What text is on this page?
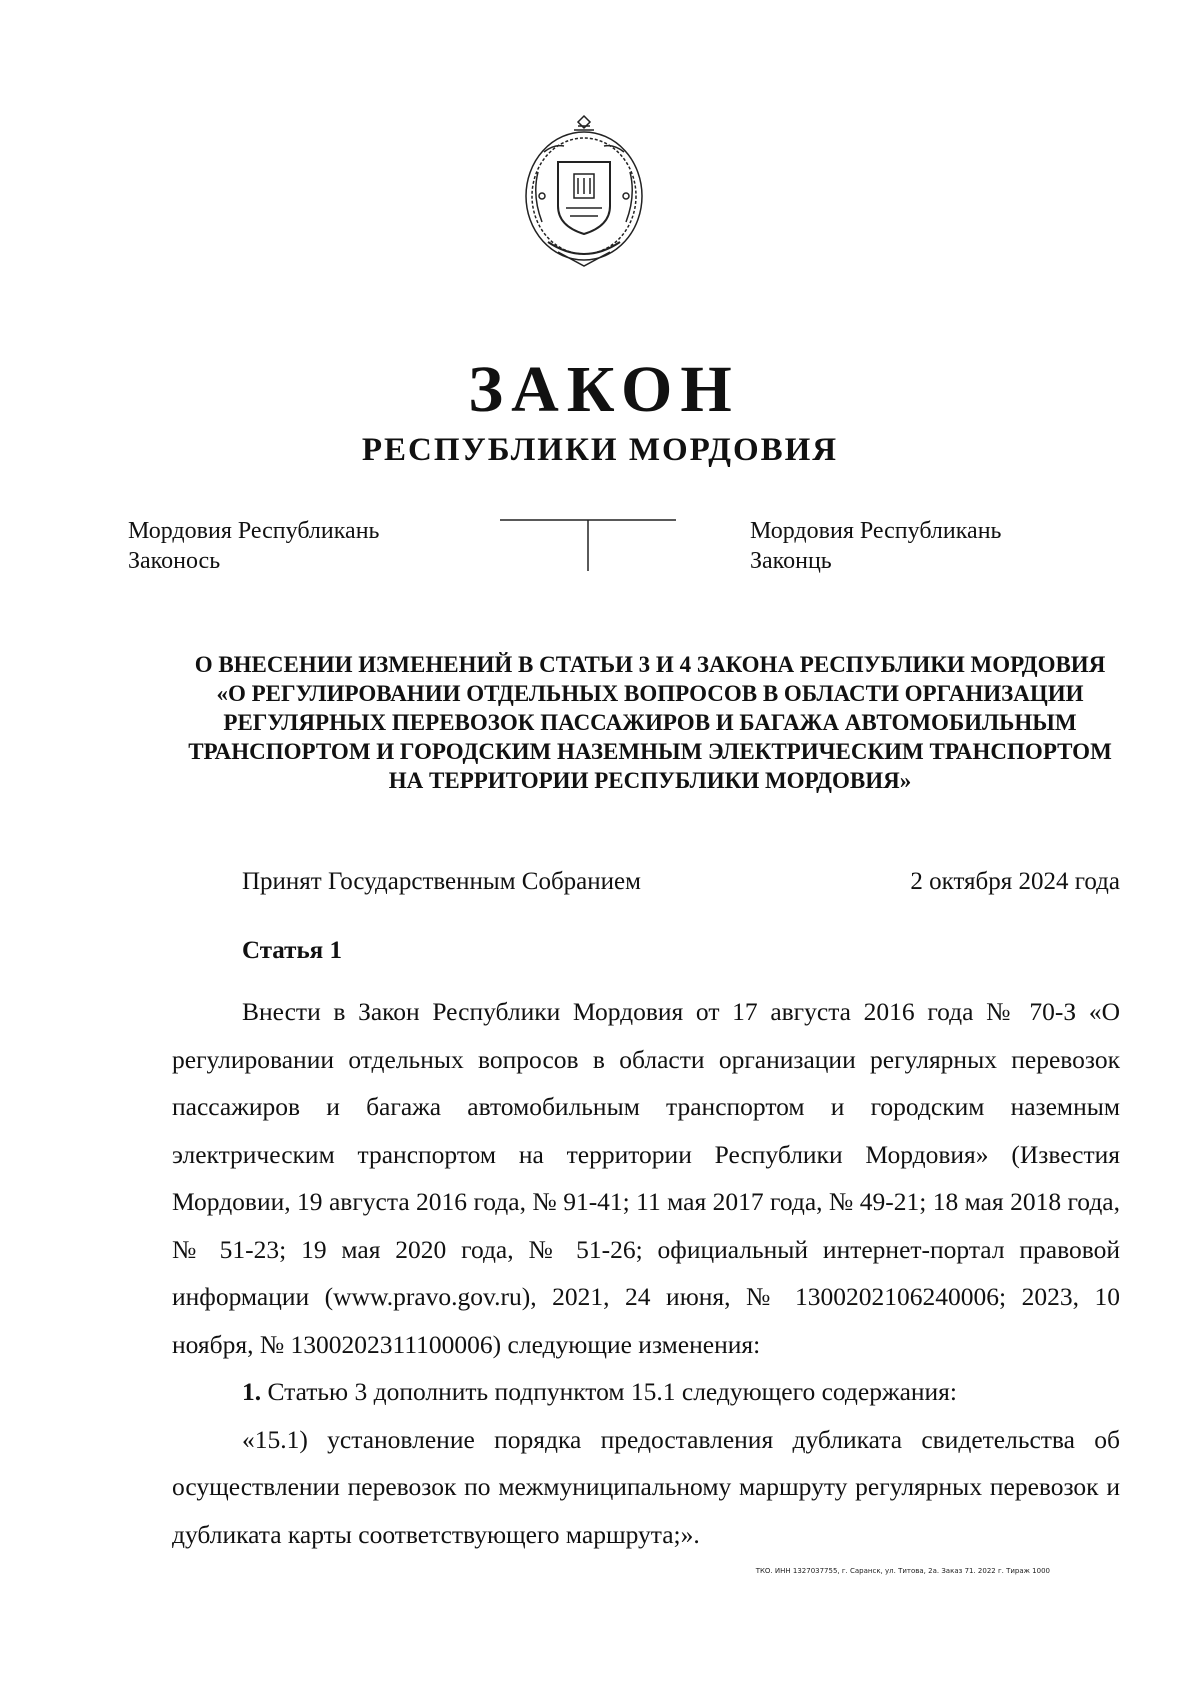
ЗАКОН
РЕСПУБЛИКИ МОРДОВИЯ
Мордовия Республикань
Законось
Мордовия Республикань
Законць
О ВНЕСЕНИИ ИЗМЕНЕНИЙ В СТАТЬИ 3 И 4 ЗАКОНА РЕСПУБЛИКИ МОРДОВИЯ «О РЕГУЛИРОВАНИИ ОТДЕЛЬНЫХ ВОПРОСОВ В ОБЛАСТИ ОРГАНИЗАЦИИ РЕГУЛЯРНЫХ ПЕРЕВОЗОК ПАССАЖИРОВ И БАГАЖА АВТОМОБИЛЬНЫМ ТРАНСПОРТОМ И ГОРОДСКИМ НАЗЕМНЫМ ЭЛЕКТРИЧЕСКИМ ТРАНСПОРТОМ НА ТЕРРИТОРИИ РЕСПУБЛИКИ МОРДОВИЯ»
Принят Государственным Собранием	2 октября 2024 года
Статья 1

Внести в Закон Республики Мордовия от 17 августа 2016 года № 70-З «О регулировании отдельных вопросов в области организации регулярных перевозок пассажиров и багажа автомобильным транспортом и городским наземным электрическим транспортом на территории Республики Мордовия» (Известия Мордовии, 19 августа 2016 года, № 91-41; 11 мая 2017 года, № 49-21; 18 мая 2018 года, № 51-23; 19 мая 2020 года, № 51-26; официальный интернет-портал правовой информации (www.pravo.gov.ru), 2021, 24 июня, № 1300202106240006; 2023, 10 ноября, № 1300202311100006) следующие изменения:

1. Статью 3 дополнить подпунктом 15.1 следующего содержания:

«15.1) установление порядка предоставления дубликата свидетельства об осуществлении перевозок по межмуниципальному маршруту регулярных перевозок и дубликата карты соответствующего маршрута;».

ТКО. ИНН 1327037755, г. Саранск, ул. Титова, 2а. Заказ 71. 2022 г. Тираж 1000
